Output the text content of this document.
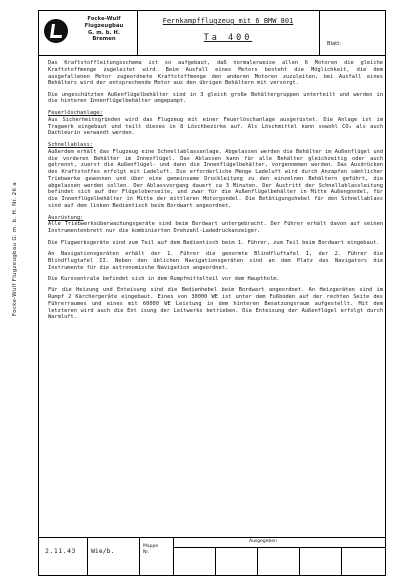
Focke-Wulf
Flugzeugbau
G. m. b. H.
Bremen
Fernkampfflugzeug mit 6 BMW 801
Ta 400
Blatt:
2.11.43 Wie/b.
Mappe
Nr.
Ausgegeben
Focke-Wulf Flugzeugbau G. m. b. H. Nr. 26 a

Das Kraftstoffleitungsschema ist so aufgebaut, daß normalerweise allen 6 Motoren die gleiche Kraftstoffmenge zugeleitet wird. Beim Ausfall eines Motors besteht die Möglichkeit, die dem ausgefallenen Motor zugeordnete Kraftstoffmenge den anderen Motoren zuzuleiten, bei Ausfall eines Behälters wird der entsprechende Motor aus den übrigen Behältern mit versorgt.

Die ungeschützten Außenflügelbehälter sind in 3 gleich große Behältergruppen unterteilt und werden in die hinteren Innenflügelbehälter umgepumpt.

Feuerlöschanlage:

Aus Sicherheitsgründen wird das Flugzeug mit einer Feuerlöschanlage ausgerüstet. Die Anlage ist im Tragwerk eingebaut und teilt dieses in 8 Löschbezirke auf. Als Löschmittel kann sowohl CO₂ als auch Dachleurin verwandt werden.

Schnellablass:

Außerdem erhält das Flugzeug eine Schnellablassanlage. Abgelassen werden die Behälter im Außenflügel und die vorderen Behälter im Innenflügel. Das Ablassen kann für alle Behälter gleichzeitig oder auch getrennt, zuerst die Außenflügel- und dann die Innenflügelbehälter, vorgenommen werden. Das Ausdrücken des Kraftstoffes erfolgt mit Ladeluft. Die erforderliche Menge Ladeluft wird durch Anzapfen sämtlicher Triebwerke gewonnen und über eine gemeinsame Druckleitung zu den einzelnen Behältern geführt, die abgelassen werden sollen. Der Ablassvorgang dauert ca 3 Minuten. Der Austritt der Schnellablassleitung befindet sich auf der Flügeloberseite, und zwar für die Außenflügelbehälter in Mitte Außengondel, für die Innenflügelbehälter in Mitte der mittleren Motorgondel. Die Betätigungshebel für den Schnellablass sind auf dem linken Bedientisch beim Bordwart angeordnet.

Ausrüstung:

Alle Triebwerksüberwachungsgeräte sind beim Bordwart untergebracht. Der Führer erhält davon auf seinen Instrumentenbrett nur die kombinierten Drehzahl-Ladedruckanzeiger.

Die Flugwerksgeräte sind zum Teil auf dem Bedientisch beim 1. Führer, zum Teil beim Bordwart eingebaut.

An Navigationsgeräten erhält der 1. Führer die genormte Blindfluftafel I, der 2. Führer die Blindflugtafel II. Neben den üblichen Navigationsgeräten sind an dem Platz des Navigators die Instrumente für die astronomische Navigation angeordnet.

Die Kurssentrale befindet sich in dem Rumpfmittelteil vor dem Hauptholm.

Für die Heizung und Enteisung sind die Bedienhebel beim Bordwart angeordnet. An Heizgeräten sind im Rumpf 2 Kärchergeräte eingebaut. Eines von 30000 WE ist unter dem Fußboden auf der rechten Seite des Führerraumes und eines mit 60000 WE Leistung in dem hinteren Besatzungsraum aufgestellt. Mit dem letzteren wird auch die Ent isung der Leitwerks betrieben. Die Enteisung der Außenflügel erfolgt durch Warmluft.
